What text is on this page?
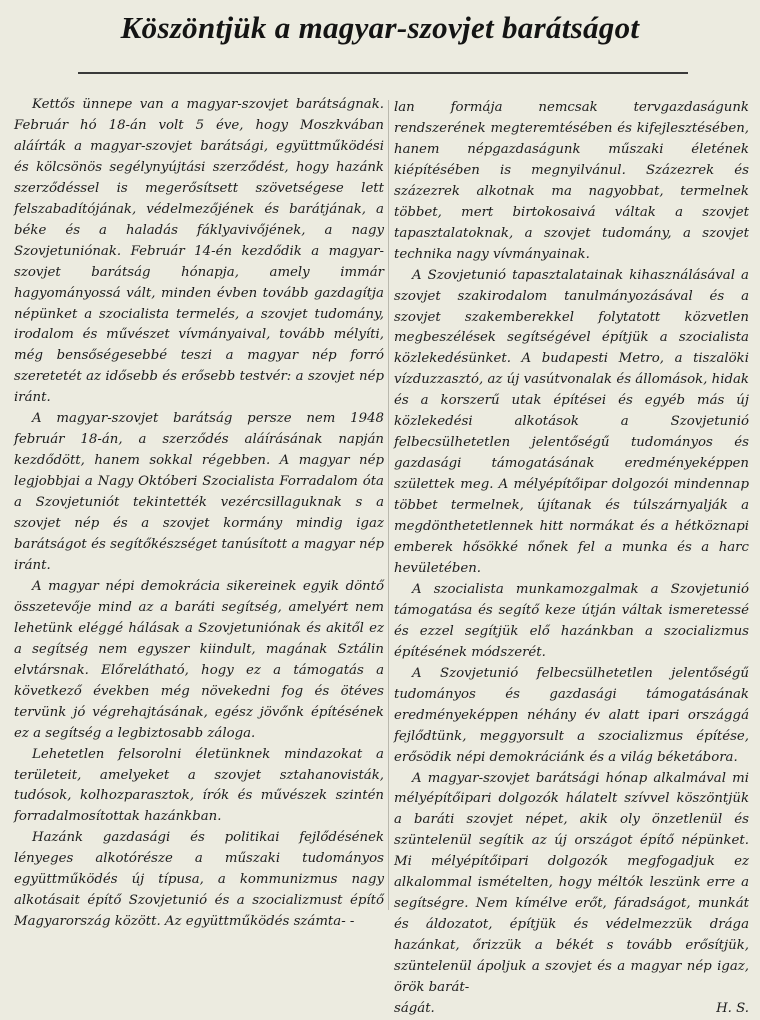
Köszöntjük a magyar-szovjet barátságot

Kettős ünnepe van a magyar-szovjet barátságnak. Február hó 18-án volt 5 éve, hogy Moszkvában aláírták a magyar-szovjet barátsági, együttműködési és kölcsönös segélynyújtási szerződést, hogy hazánk szerződéssel is megerősítsett szövetségese lett felszabadítójának, védelmezőjének és barátjának, a béke és a haladás fáklyavivőjének, a nagy Szovjetuniónak. Február 14-én kezdődik a magyar-szovjet barátság hónapja, amely immár hagyományossá vált, minden évben tovább gazdagítja népünket a szocialista termelés, a szovjet tudomány, irodalom és művészet vívmányaival, tovább mélyíti, még bensőségesebbé teszi a magyar nép forró szeretetét az idősebb és erősebb testvér: a szovjet nép iránt.

A magyar-szovjet barátság persze nem 1948 február 18-án, a szerződés aláírásának napján kezdődött, hanem sokkal régebben. A magyar nép legjobbjai a Nagy Októberi Szocialista Forradalom óta a Szovjetuniót tekintették vezércsillaguknak s a szovjet nép és a szovjet kormány mindig igaz barátságot és segítőkészséget tanúsított a magyar nép iránt.

A magyar népi demokrácia sikereinek egyik döntő összetevője mind az a baráti segítség, amelyért nem lehetünk eléggé hálásak a Szovjetuniónak és akitől ez a segítség nem egyszer kiindult, magának Sztálin elvtársnak. Előrelátható, hogy ez a támogatás a következő években még növekedni fog és ötéves tervünk jó végrehajtásának, egész jövőnk építésének ez a segítség a legbiztosabb záloga.

Lehetetlen felsorolni életünknek mindazokat a területeit, amelyeket a szovjet sztahanovisták, tudósok, kolhozparasztok, írók és művészek szintén forradalmosítottak hazánkban.

Hazánk gazdasági és politikai fejlődésének lényeges alkotórésze a műszaki tudományos együttműködés új típusa, a kommunizmus nagy alkotásait építő Szovjetunió és a szocializmust építő Magyarország között. Az együttműködés számta- -

lan formája nemcsak tervgazdaságunk rendszerének megteremtésében és kifejlesztésében, hanem népgazdaságunk műszaki életének kiépítésében is megnyilvánul. Százezrek és százezrek alkotnak ma nagyobbat, termelnek többet, mert birtokosaivá váltak a szovjet tapasztalatoknak, a szovjet tudomány, a szovjet technika nagy vívmányainak.

A Szovjetunió tapasztalatainak kihasználásával a szovjet szakirodalom tanulmányozásával és a szovjet szakemberekkel folytatott közvetlen megbeszélések segítségével építjük a szocialista közlekedésünket. A budapesti Metro, a tiszalöki vízduzzasztó, az új vasútvonalak és állomások, hidak és a korszerű utak építései és egyéb más új közlekedési alkotások a Szovjetunió felbecsülhetetlen jelentőségű tudományos és gazdasági támogatásának eredményeképpen születtek meg. A mélyépítőipar dolgozói mindennap többet termelnek, újítanak és túlszárnyalják a megdönthetetlennek hitt normákat és a hétköznapi emberek hősökké nőnek fel a munka és a harc hevületében.

A szocialista munkamozgalmak a Szovjetunió támogatása és segítő keze útján váltak ismeretessé és ezzel segítjük elő hazánkban a szocializmus építésének módszerét.

A Szovjetunió felbecsülhetetlen jelentőségű tudományos és gazdasági támogatásának eredményeképpen néhány év alatt ipari országgá fejlődtünk, meggyorsult a szocializmus építése, erősödik népi demokráciánk és a világ béketábora.

A magyar-szovjet barátsági hónap alkalmával mi mélyépítőipari dolgozók hálatelt szívvel köszöntjük a baráti szovjet népet, akik oly önzetlenül és szüntelenül segítik az új országot építő népünket. Mi mélyépítőipari dolgozók megfogadjuk ez alkalommal ismételten, hogy méltók leszünk erre a segítségre. Nem kímélve erőt, fáradságot, munkát és áldozatot, építjük és védelmezzük drága hazánkat, őrizzük a békét s tovább erősítjük, szüntelenül ápoljuk a szovjet és a magyar nép igaz, örök barát-

ságát.	H. S.
